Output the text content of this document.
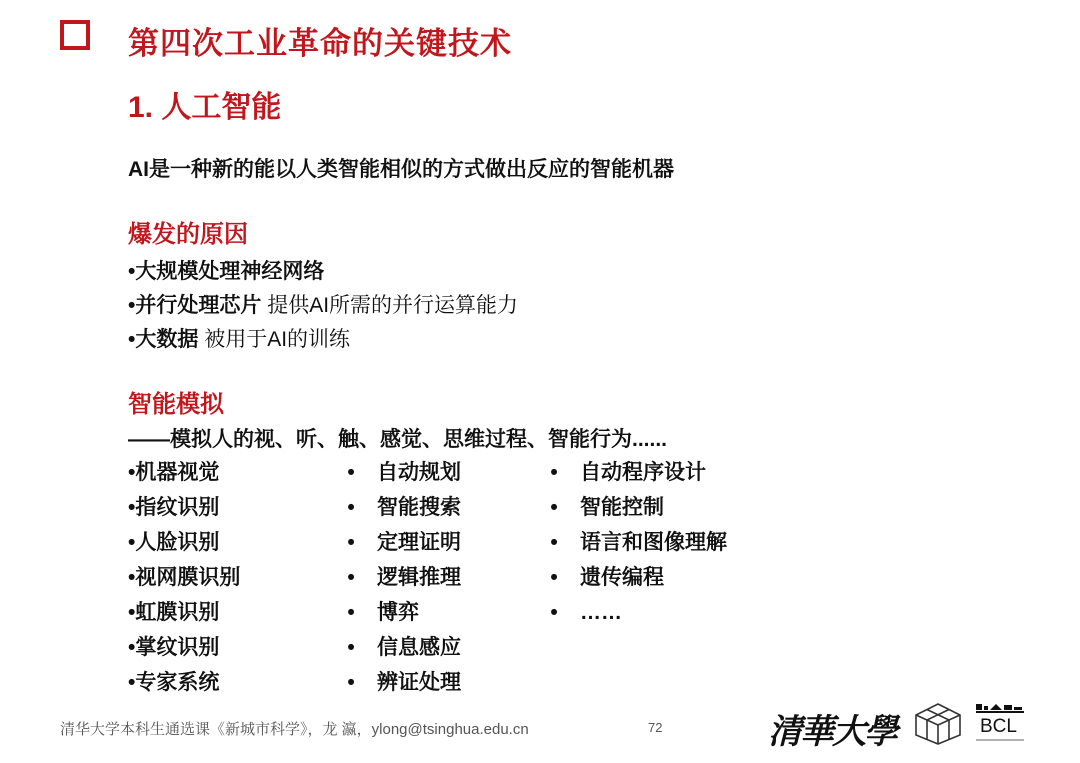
第四次工业革命的关键技术
1. 人工智能
AI是一种新的能以人类智能相似的方式做出反应的智能机器
爆发的原因
•大规模处理神经网络
•并行处理芯片 提供AI所需的并行运算能力
•大数据 被用于AI的训练
智能模拟
——模拟人的视、听、触、感觉、思维过程、智能行为......
•机器视觉
•指纹识别
•人脸识别
•视网膜识别
•虹膜识别
•掌纹识别
•专家系统
• 自动规划
• 智能搜索
• 定理证明
• 逻辑推理
• 博弈
• 信息感应
• 辨证处理
• 自动程序设计
• 智能控制
• 语言和图像理解
• 遗传编程
• ……
清华大学本科生通选课《新城市科学》，龙 瀛，ylong@tsinghua.edu.cn	72	清華大學	BCL
